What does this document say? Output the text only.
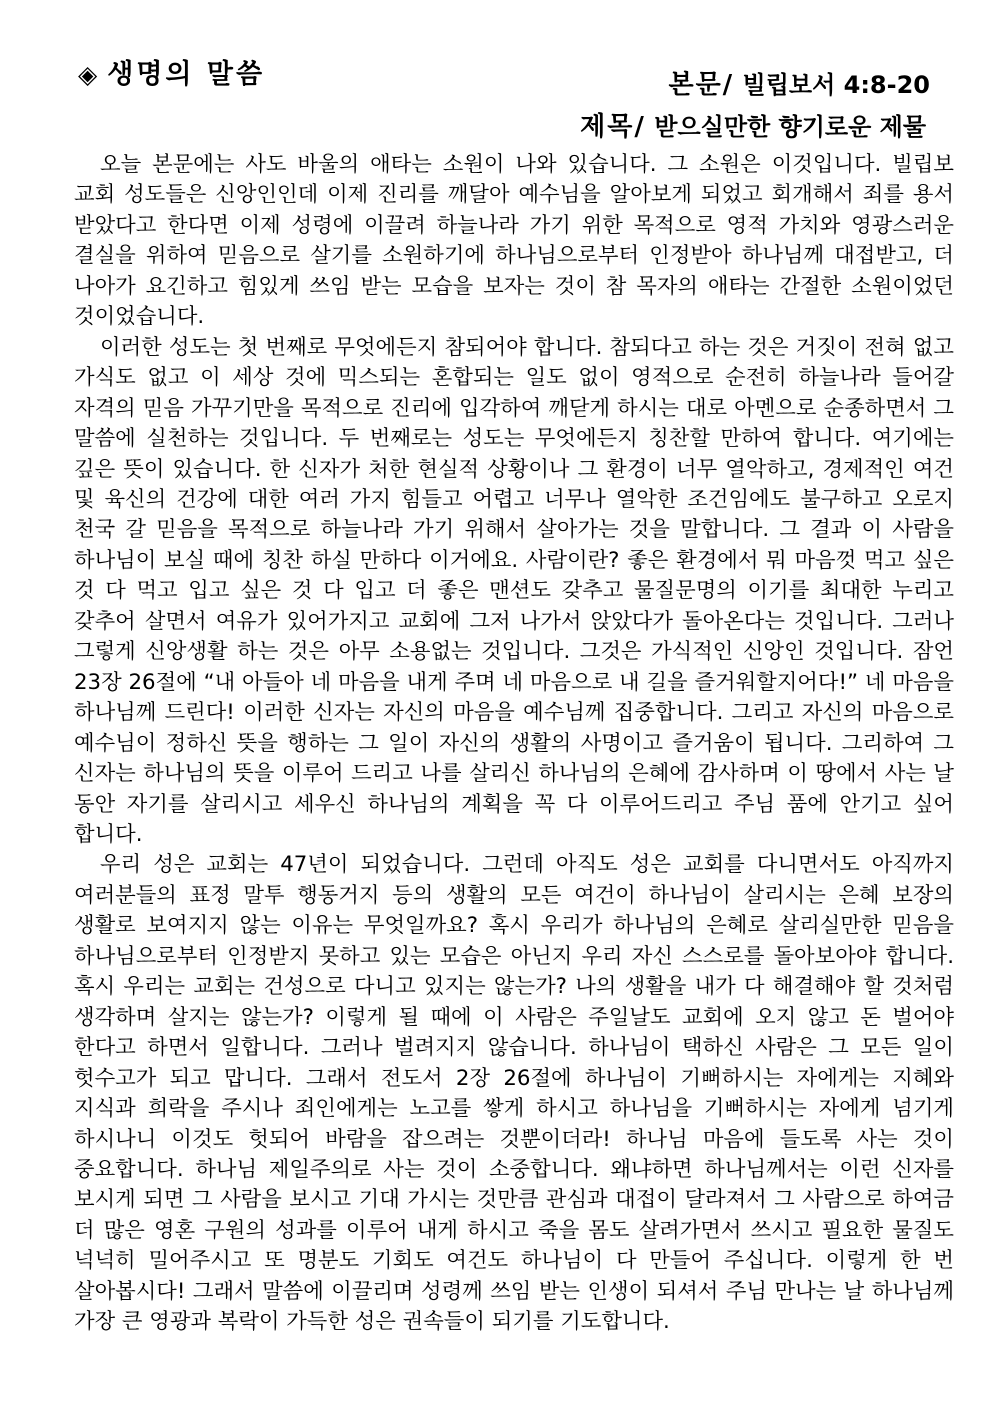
◈ 생명의 말씀	본문/ 빌립보서 4:8-20
제목/ 받으실만한 향기로운 제물

오늘 본문에는 사도 바울의 애타는 소원이 나와 있습니다. 그 소원은 이것입니다. 빌립보 교회 성도들은 신앙인인데 이제 진리를 깨달아 예수님을 알아보게 되었고 회개해서 죄를 용서 받았다고 한다면 이제 성령에 이끌려 하늘나라 가기 위한 목적으로 영적 가치와 영광스러운 결실을 위하여 믿음으로 살기를 소원하기에 하나님으로부터 인정받아 하나님께 대접받고, 더 나아가 요긴하고 힘있게 쓰임 받는 모습을 보자는 것이 참 목자의 애타는 간절한 소원이었던 것이었습니다.

이러한 성도는 첫 번째로 무엇에든지 참되어야 합니다. 참되다고 하는 것은 거짓이 전혀 없고 가식도 없고 이 세상 것에 믹스되는 혼합되는 일도 없이 영적으로 순전히 하늘나라 들어갈 자격의 믿음 가꾸기만을 목적으로 진리에 입각하여 깨닫게 하시는 대로 아멘으로 순종하면서 그 말씀에 실천하는 것입니다. 두 번째로는 성도는 무엇에든지 칭찬할 만하여 합니다. 여기에는 깊은 뜻이 있습니다. 한 신자가 처한 현실적 상황이나 그 환경이 너무 열악하고, 경제적인 여건 및 육신의 건강에 대한 여러 가지 힘들고 어렵고 너무나 열악한 조건임에도 불구하고 오로지 천국 갈 믿음을 목적으로 하늘나라 가기 위해서 살아가는 것을 말합니다. 그 결과 이 사람을 하나님이 보실 때에 칭찬 하실 만하다 이거에요. 사람이란? 좋은 환경에서 뭐 마음껏 먹고 싶은 것 다 먹고 입고 싶은 것 다 입고 더 좋은 맨션도 갖추고 물질문명의 이기를 최대한 누리고 갖추어 살면서 여유가 있어가지고 교회에 그저 나가서 앉았다가 돌아온다는 것입니다. 그러나 그렇게 신앙생활 하는 것은 아무 소용없는 것입니다. 그것은 가식적인 신앙인 것입니다. 잠언 23장 26절에 “내 아들아 네 마음을 내게 주며 네 마음으로 내 길을 즐거워할지어다!” 네 마음을 하나님께 드린다! 이러한 신자는 자신의 마음을 예수님께 집중합니다. 그리고 자신의 마음으로 예수님이 정하신 뜻을 행하는 그 일이 자신의 생활의 사명이고 즐거움이 됩니다. 그리하여 그 신자는 하나님의 뜻을 이루어 드리고 나를 살리신 하나님의 은혜에 감사하며 이 땅에서 사는 날 동안 자기를 살리시고 세우신 하나님의 계획을 꼭 다 이루어드리고 주님 품에 안기고 싶어 합니다.

우리 성은 교회는 47년이 되었습니다. 그런데 아직도 성은 교회를 다니면서도 아직까지 여러분들의 표정 말투 행동거지 등의 생활의 모든 여건이 하나님이 살리시는 은혜 보장의 생활로 보여지지 않는 이유는 무엇일까요? 혹시 우리가 하나님의 은혜로 살리실만한 믿음을 하나님으로부터 인정받지 못하고 있는 모습은 아닌지 우리 자신 스스로를 돌아보아야 합니다. 혹시 우리는 교회는 건성으로 다니고 있지는 않는가? 나의 생활을 내가 다 해결해야 할 것처럼 생각하며 살지는 않는가? 이렇게 될 때에 이 사람은 주일날도 교회에 오지 않고 돈 벌어야 한다고 하면서 일합니다. 그러나 벌려지지 않습니다. 하나님이 택하신 사람은 그 모든 일이 헛수고가 되고 맙니다. 그래서 전도서 2장 26절에 하나님이 기뻐하시는 자에게는 지혜와 지식과 희락을 주시나 죄인에게는 노고를 쌓게 하시고 하나님을 기뻐하시는 자에게 넘기게 하시나니 이것도 헛되어 바람을 잡으려는 것뿐이더라! 하나님 마음에 들도록 사는 것이 중요합니다. 하나님 제일주의로 사는 것이 소중합니다. 왜냐하면 하나님께서는 이런 신자를 보시게 되면 그 사람을 보시고 기대 가시는 것만큼 관심과 대접이 달라져서 그 사람으로 하여금 더 많은 영혼 구원의 성과를 이루어 내게 하시고 죽을 몸도 살려가면서 쓰시고 필요한 물질도 넉넉히 밀어주시고 또 명분도 기회도 여건도 하나님이 다 만들어 주십니다. 이렇게 한 번 살아봅시다! 그래서 말씀에 이끌리며 성령께 쓰임 받는 인생이 되셔서 주님 만나는 날 하나님께 가장 큰 영광과 복락이 가득한 성은 권속들이 되기를 기도합니다.
